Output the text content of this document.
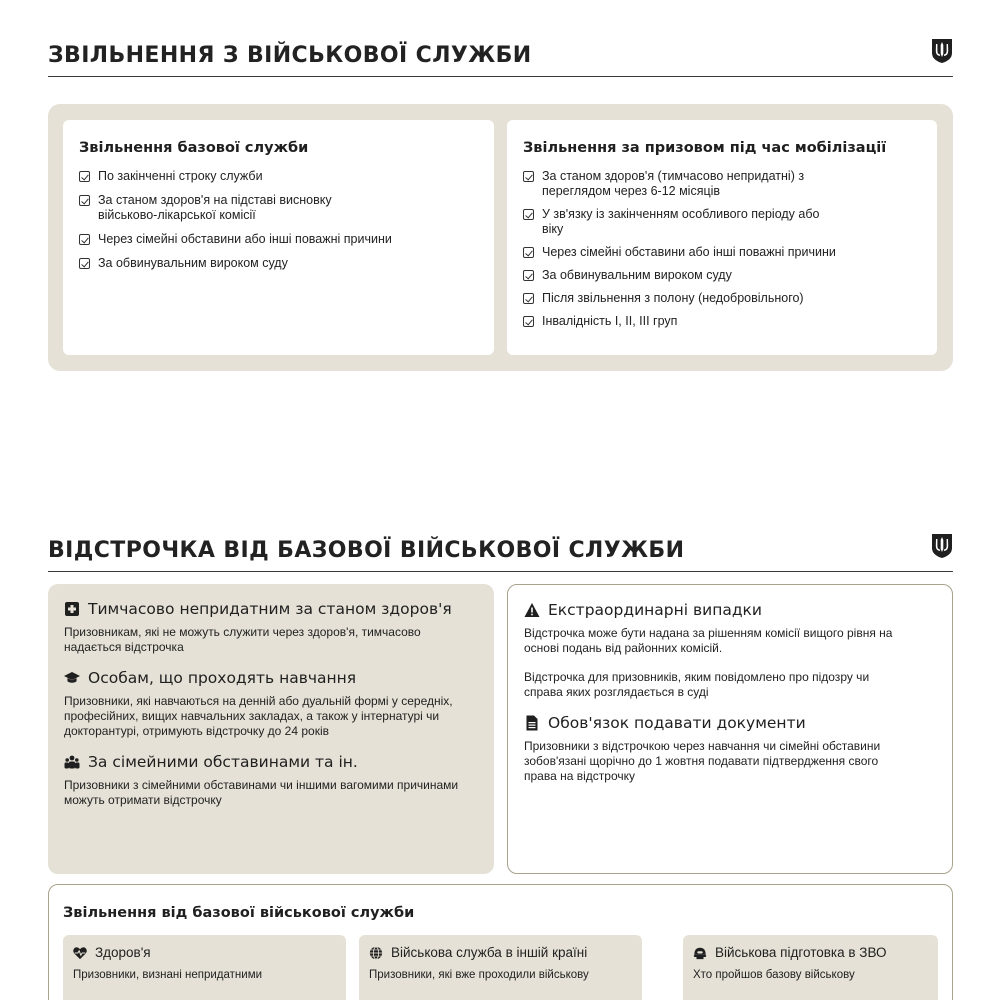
ЗВІЛЬНЕННЯ З ВІЙСЬКОВОЇ СЛУЖБИ
Звільнення базової служби
По закінченні строку служби
За станом здоров'я на підставі висновку військово-лікарської комісії
Через сімейні обставини або інші поважні причини
За обвинувальним вироком суду
Звільнення за призовом під час мобілізації
За станом здоров'я (тимчасово непридатні) з переглядом через 6-12 місяців
У зв'язку із закінченням особливого періоду або віку
Через сімейні обставини або інші поважні причини
За обвинувальним вироком суду
Після звільнення з полону (недобровільного)
Інвалідність I, II, III груп
ВІДСТРОЧКА ВІД БАЗОВОЇ ВІЙСЬКОВОЇ СЛУЖБИ
Тимчасово непридатним за станом здоров'я

Призовникам, які не можуть служити через здоров'я, тимчасово надається відстрочка

Особам, що проходять навчання

Призовники, які навчаються на денній або дуальній формі у середніх, професійних, вищих навчальних закладах, а також у інтернатурі чи докторантурі, отримують відстрочку до 24 років

За сімейними обставинами та ін.

Призовники з сімейними обставинами чи іншими вагомими причинами можуть отримати відстрочку

Екстраординарні випадки

Відстрочка може бути надана за рішенням комісії вищого рівня на основі подань від районних комісій.

Відстрочка для призовників, яким повідомлено про підозру чи справа яких розглядається в суді

Обов'язок подавати документи

Призовники з відстрочкою через навчання чи сімейні обставини зобов'язані щорічно до 1 жовтня подавати підтвердження свого права на відстрочку

Звільнення від базової військової служби
Здоров'я

Призовники, визнані непридатними

Військова служба в іншій країні

Призовники, які вже проходили військову

Військова підготовка в ЗВО

Хто пройшов базову військову
